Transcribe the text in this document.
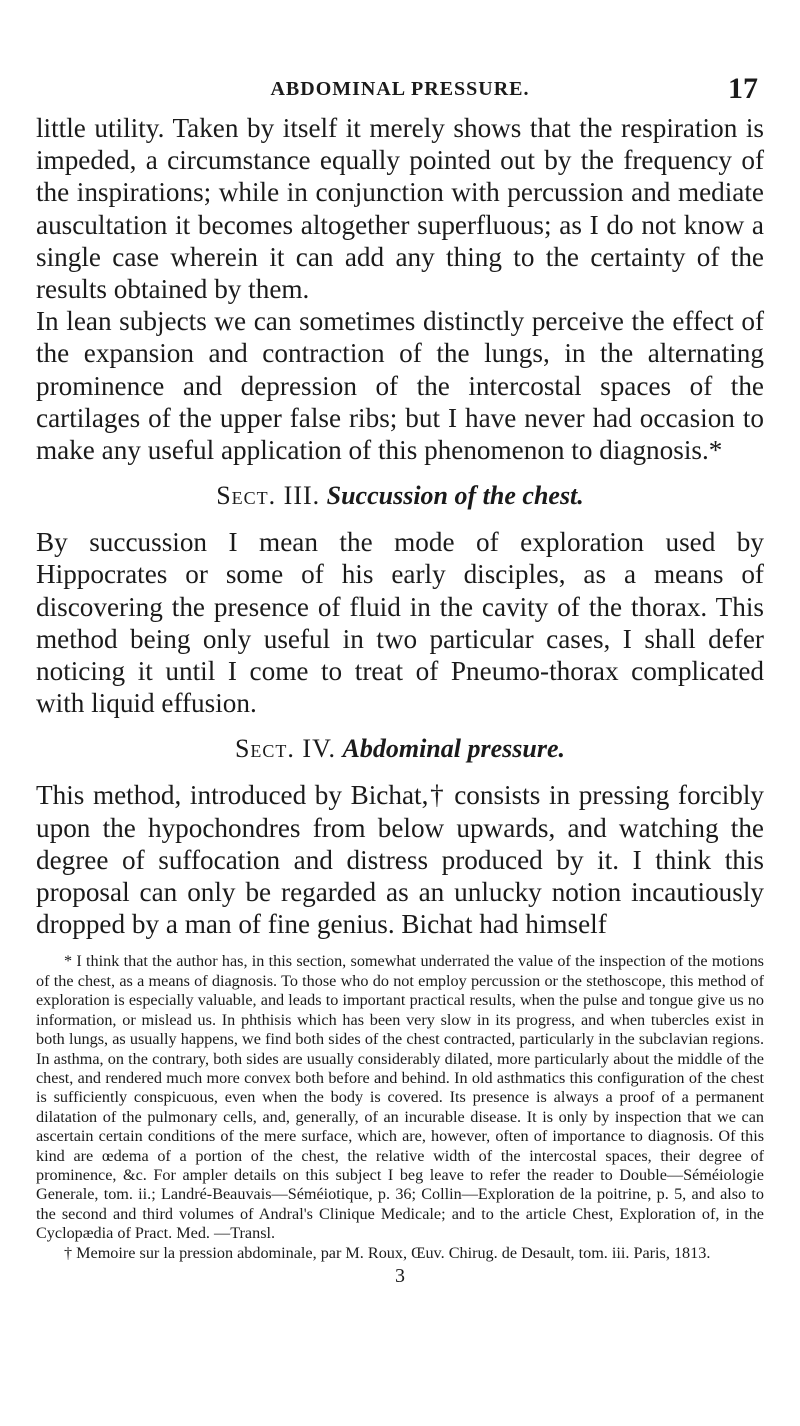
ABDOMINAL PRESSURE.	17

little utility. Taken by itself it merely shows that the respiration is impeded, a circumstance equally pointed out by the frequency of the inspirations; while in conjunction with percussion and mediate auscultation it becomes altogether superfluous; as I do not know a single case wherein it can add any thing to the certainty of the results obtained by them.

In lean subjects we can sometimes distinctly perceive the effect of the expansion and contraction of the lungs, in the alternating prominence and depression of the intercostal spaces of the cartilages of the upper false ribs; but I have never had occasion to make any useful application of this phenomenon to diagnosis.*

Sect. III. Succussion of the chest.

By succussion I mean the mode of exploration used by Hippocrates or some of his early disciples, as a means of discovering the presence of fluid in the cavity of the thorax. This method being only useful in two particular cases, I shall defer noticing it until I come to treat of Pneumo-thorax complicated with liquid effusion.

Sect. IV. Abdominal pressure.

This method, introduced by Bichat,† consists in pressing forcibly upon the hypochondres from below upwards, and watching the degree of suffocation and distress produced by it. I think this proposal can only be regarded as an unlucky notion incautiously dropped by a man of fine genius. Bichat had himself

* I think that the author has, in this section, somewhat underrated the value of the inspection of the motions of the chest, as a means of diagnosis. To those who do not employ percussion or the stethoscope, this method of exploration is especially valuable, and leads to important practical results, when the pulse and tongue give us no information, or mislead us. In phthisis which has been very slow in its progress, and when tubercles exist in both lungs, as usually happens, we find both sides of the chest contracted, particularly in the subclavian regions. In asthma, on the contrary, both sides are usually considerably dilated, more particularly about the middle of the chest, and rendered much more convex both before and behind. In old asthmatics this configuration of the chest is sufficiently conspicuous, even when the body is covered. Its presence is always a proof of a permanent dilatation of the pulmonary cells, and, generally, of an incurable disease. It is only by inspection that we can ascertain certain conditions of the mere surface, which are, however, often of importance to diagnosis. Of this kind are œdema of a portion of the chest, the relative width of the intercostal spaces, their degree of prominence, &c. For ampler details on this subject I beg leave to refer the reader to Double—Séméiologie Generale, tom. ii.; Landré-Beauvais—Séméiotique, p. 36; Collin—Exploration de la poitrine, p. 5, and also to the second and third volumes of Andral's Clinique Medicale; and to the article Chest, Exploration of, in the Cyclopædia of Pract. Med. —Transl.

† Memoire sur la pression abdominale, par M. Roux, Œuv. Chirug. de Desault, tom. iii. Paris, 1813.

3
